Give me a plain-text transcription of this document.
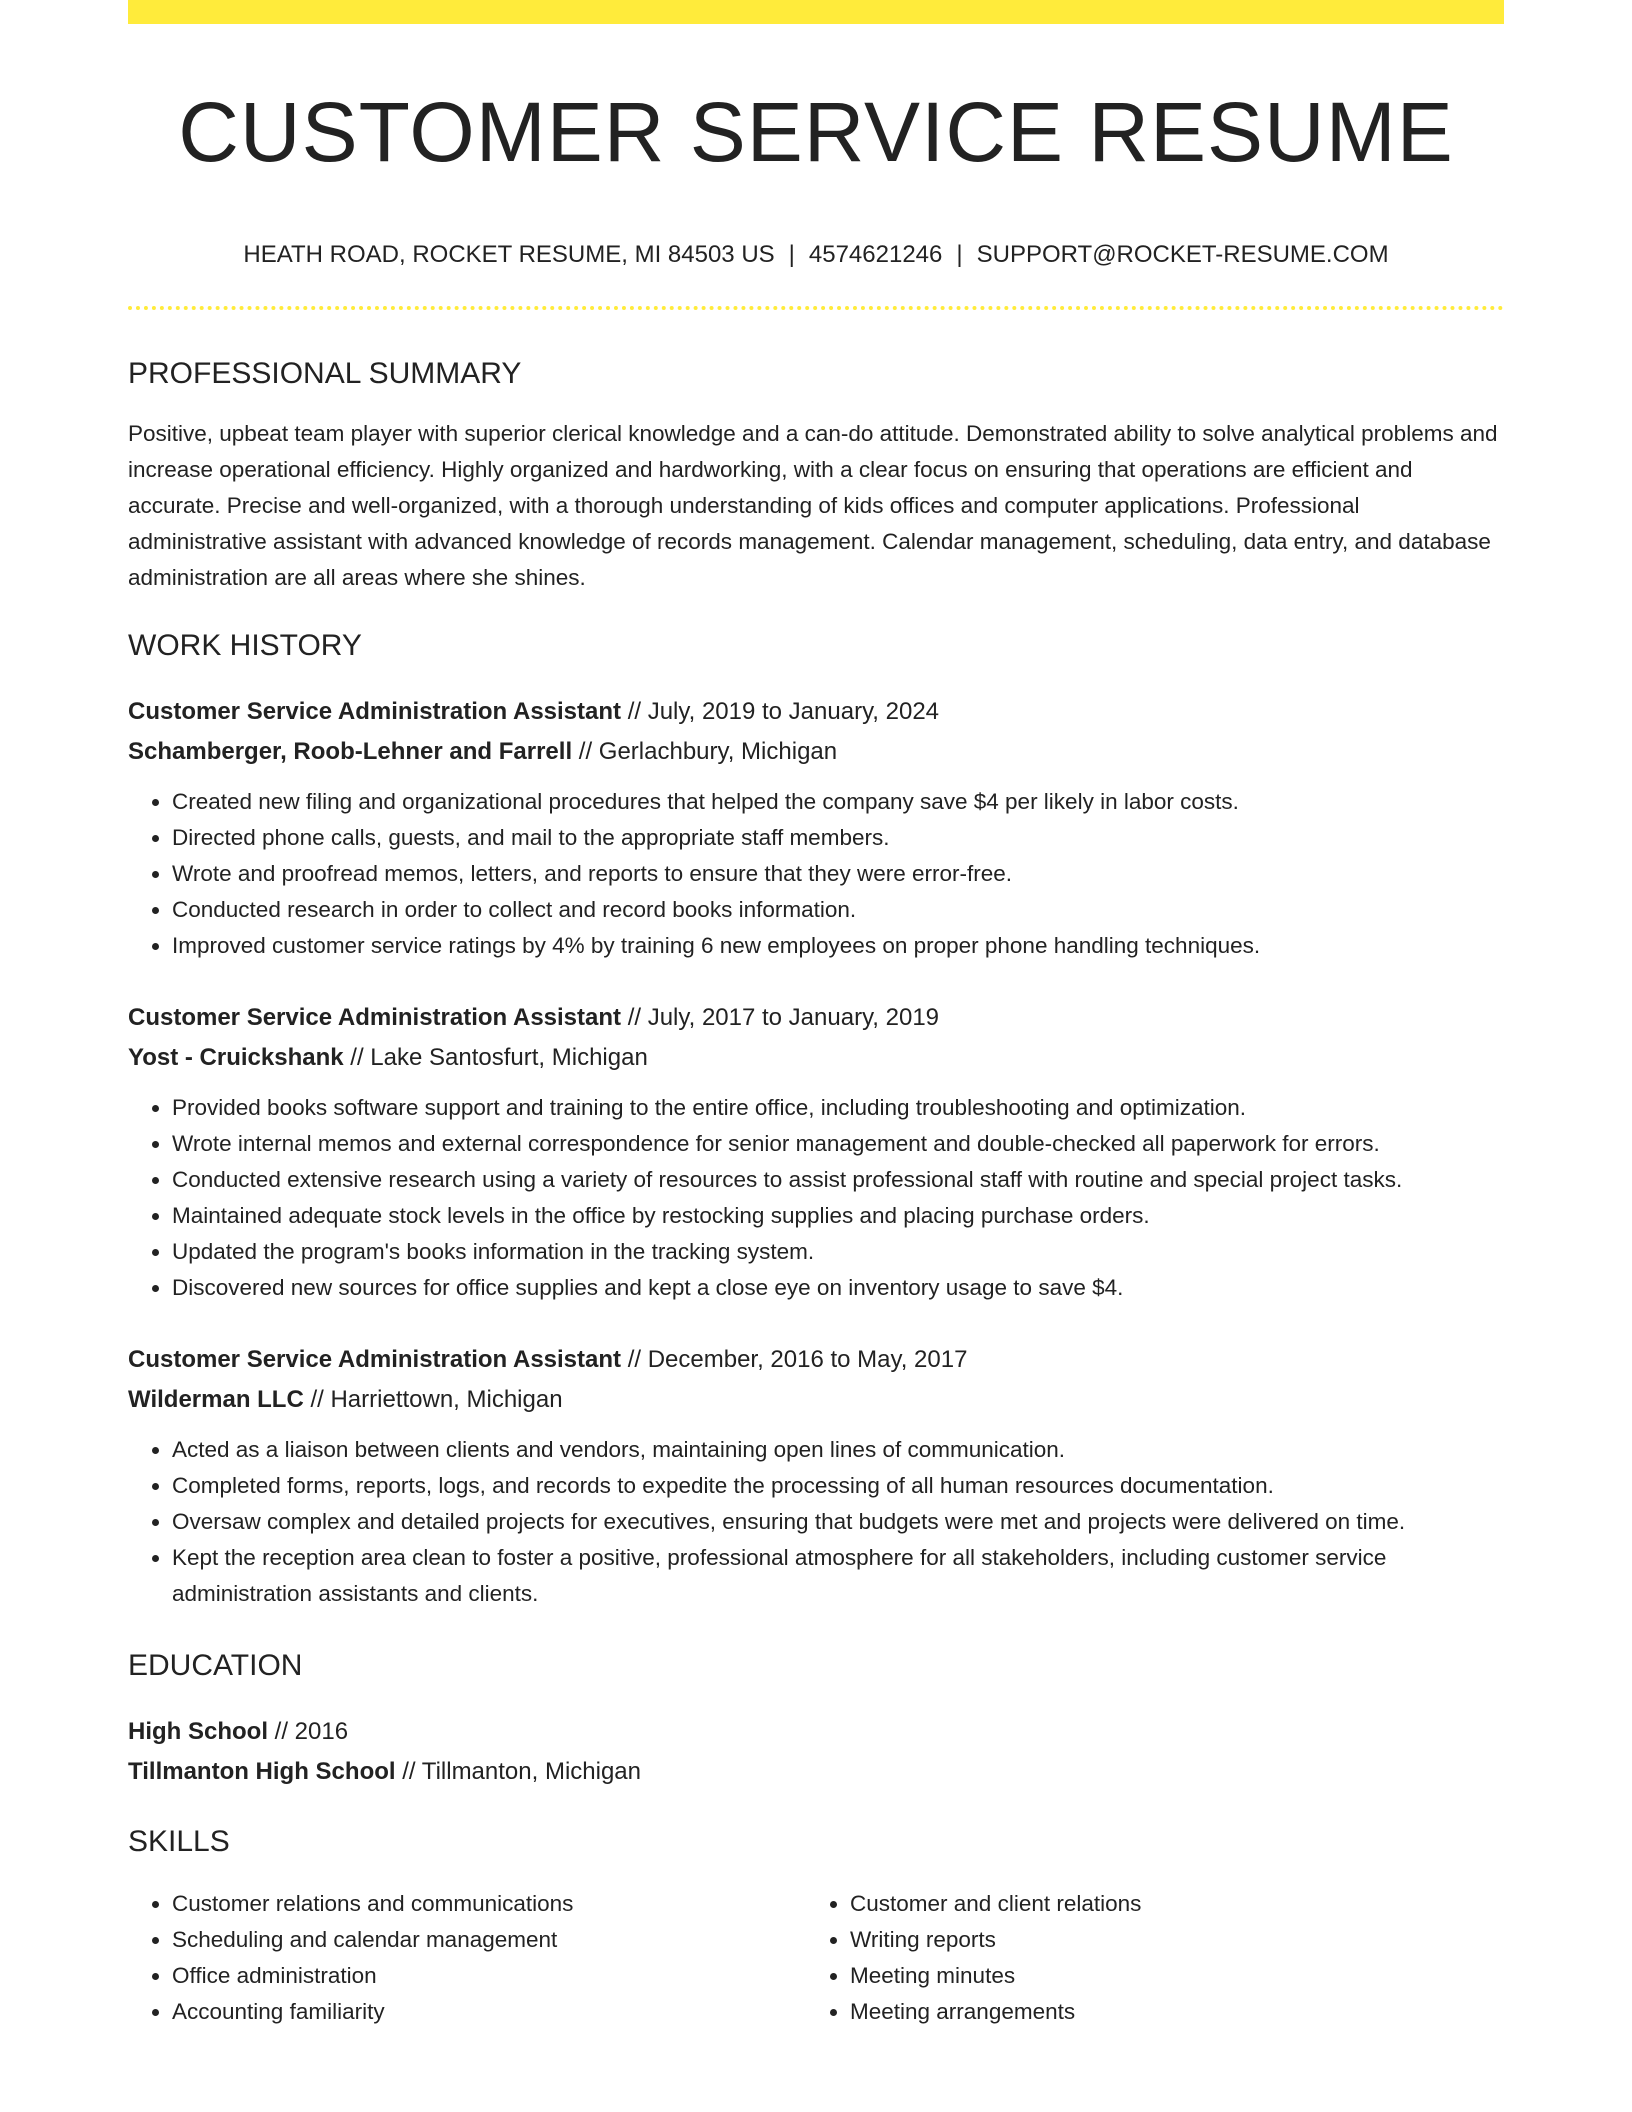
CUSTOMER SERVICE RESUME
HEATH ROAD, ROCKET RESUME, MI 84503 US | 4574621246 | SUPPORT@ROCKET-RESUME.COM
PROFESSIONAL SUMMARY
Positive, upbeat team player with superior clerical knowledge and a can-do attitude. Demonstrated ability to solve analytical problems and increase operational efficiency. Highly organized and hardworking, with a clear focus on ensuring that operations are efficient and accurate. Precise and well-organized, with a thorough understanding of kids offices and computer applications. Professional administrative assistant with advanced knowledge of records management. Calendar management, scheduling, data entry, and database administration are all areas where she shines.
WORK HISTORY
Customer Service Administration Assistant // July, 2019 to January, 2024
Schamberger, Roob-Lehner and Farrell // Gerlachbury, Michigan
• Created new filing and organizational procedures that helped the company save $4 per likely in labor costs.
• Directed phone calls, guests, and mail to the appropriate staff members.
• Wrote and proofread memos, letters, and reports to ensure that they were error-free.
• Conducted research in order to collect and record books information.
• Improved customer service ratings by 4% by training 6 new employees on proper phone handling techniques.
Customer Service Administration Assistant // July, 2017 to January, 2019
Yost - Cruickshank // Lake Santosfurt, Michigan
• Provided books software support and training to the entire office, including troubleshooting and optimization.
• Wrote internal memos and external correspondence for senior management and double-checked all paperwork for errors.
• Conducted extensive research using a variety of resources to assist professional staff with routine and special project tasks.
• Maintained adequate stock levels in the office by restocking supplies and placing purchase orders.
• Updated the program's books information in the tracking system.
• Discovered new sources for office supplies and kept a close eye on inventory usage to save $4.
Customer Service Administration Assistant // December, 2016 to May, 2017
Wilderman LLC // Harriettown, Michigan
• Acted as a liaison between clients and vendors, maintaining open lines of communication.
• Completed forms, reports, logs, and records to expedite the processing of all human resources documentation.
• Oversaw complex and detailed projects for executives, ensuring that budgets were met and projects were delivered on time.
• Kept the reception area clean to foster a positive, professional atmosphere for all stakeholders, including customer service administration assistants and clients.
EDUCATION
High School // 2016
Tillmanton High School // Tillmanton, Michigan
SKILLS
• Customer relations and communications
• Scheduling and calendar management
• Office administration
• Accounting familiarity
• Customer and client relations
• Writing reports
• Meeting minutes
• Meeting arrangements
